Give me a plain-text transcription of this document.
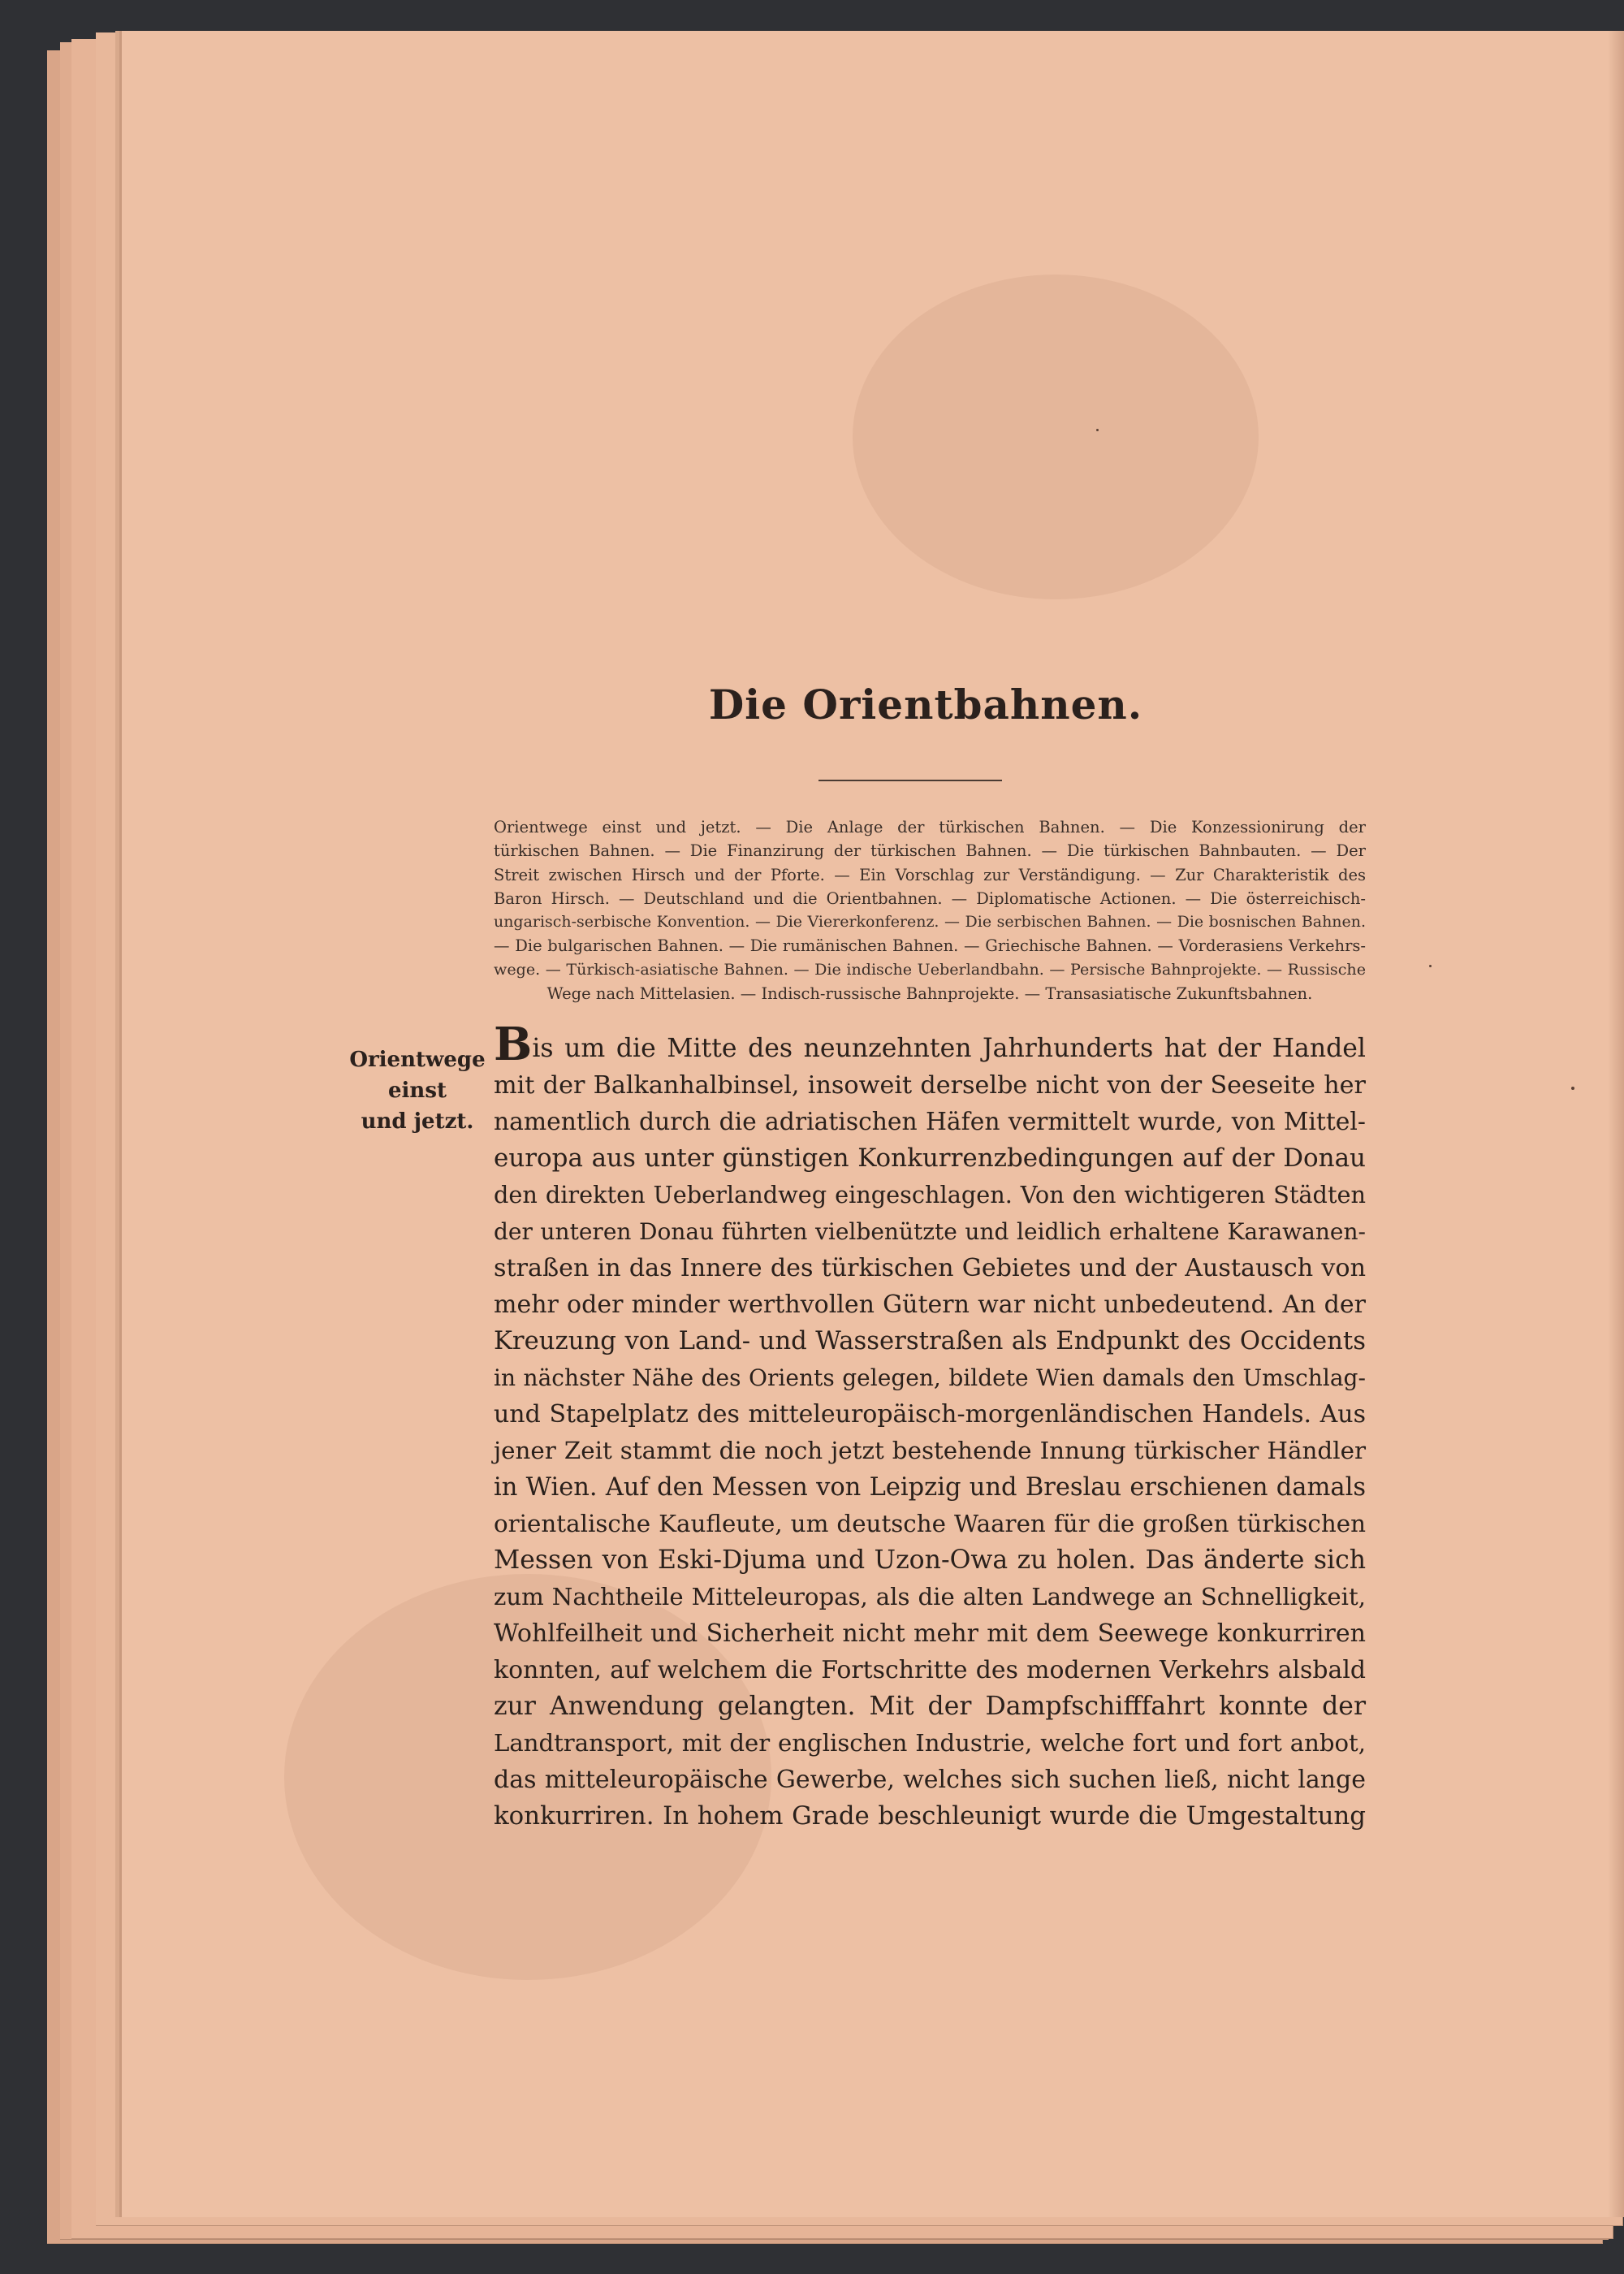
Die Orientbahnen.
Orientwege einst und jetzt. — Die Anlage der türkischen Bahnen. — Die Konzessionirung der
türkischen Bahnen. — Die Finanzirung der türkischen Bahnen. — Die türkischen Bahnbauten. — Der
Streit zwischen Hirsch und der Pforte. — Ein Vorschlag zur Verständigung. — Zur Charakteristik des
Baron Hirsch. — Deutschland und die Orientbahnen. — Diplomatische Actionen. — Die österreichisch-
ungarisch-serbische Konvention. — Die Viererkonferenz. — Die serbischen Bahnen. — Die bosnischen Bahnen.
— Die bulgarischen Bahnen. — Die rumänischen Bahnen. — Griechische Bahnen. — Vorderasiens Verkehrs-
wege. — Türkisch-asiatische Bahnen. — Die indische Ueberlandbahn. — Persische Bahnprojekte. — Russische
Wege nach Mittelasien. — Indisch-russische Bahnprojekte. — Transasiatische Zukunftsbahnen.
Orientwege
einst
und jetzt.
Bis um die Mitte des neunzehnten Jahrhunderts hat der Handel
mit der Balkanhalbinsel, insoweit derselbe nicht von der Seeseite her
namentlich durch die adriatischen Häfen vermittelt wurde, von Mittel-
europa aus unter günstigen Konkurrenzbedingungen auf der Donau
den direkten Ueberlandweg eingeschlagen. Von den wichtigeren Städten
der unteren Donau führten vielbenützte und leidlich erhaltene Karawanen-
straßen in das Innere des türkischen Gebietes und der Austausch von
mehr oder minder werthvollen Gütern war nicht unbedeutend. An der
Kreuzung von Land- und Wasserstraßen als Endpunkt des Occidents
in nächster Nähe des Orients gelegen, bildete Wien damals den Umschlag-
und Stapelplatz des mitteleuropäisch-morgenländischen Handels. Aus
jener Zeit stammt die noch jetzt bestehende Innung türkischer Händler
in Wien. Auf den Messen von Leipzig und Breslau erschienen damals
orientalische Kaufleute, um deutsche Waaren für die großen türkischen
Messen von Eski-Djuma und Uzon-Owa zu holen. Das änderte sich
zum Nachtheile Mitteleuropas, als die alten Landwege an Schnelligkeit,
Wohlfeilheit und Sicherheit nicht mehr mit dem Seewege konkurriren
konnten, auf welchem die Fortschritte des modernen Verkehrs alsbald
zur Anwendung gelangten. Mit der Dampfschifffahrt konnte der
Landtransport, mit der englischen Industrie, welche fort und fort anbot,
das mitteleuropäische Gewerbe, welches sich suchen ließ, nicht lange
konkurriren. In hohem Grade beschleunigt wurde die Umgestaltung
